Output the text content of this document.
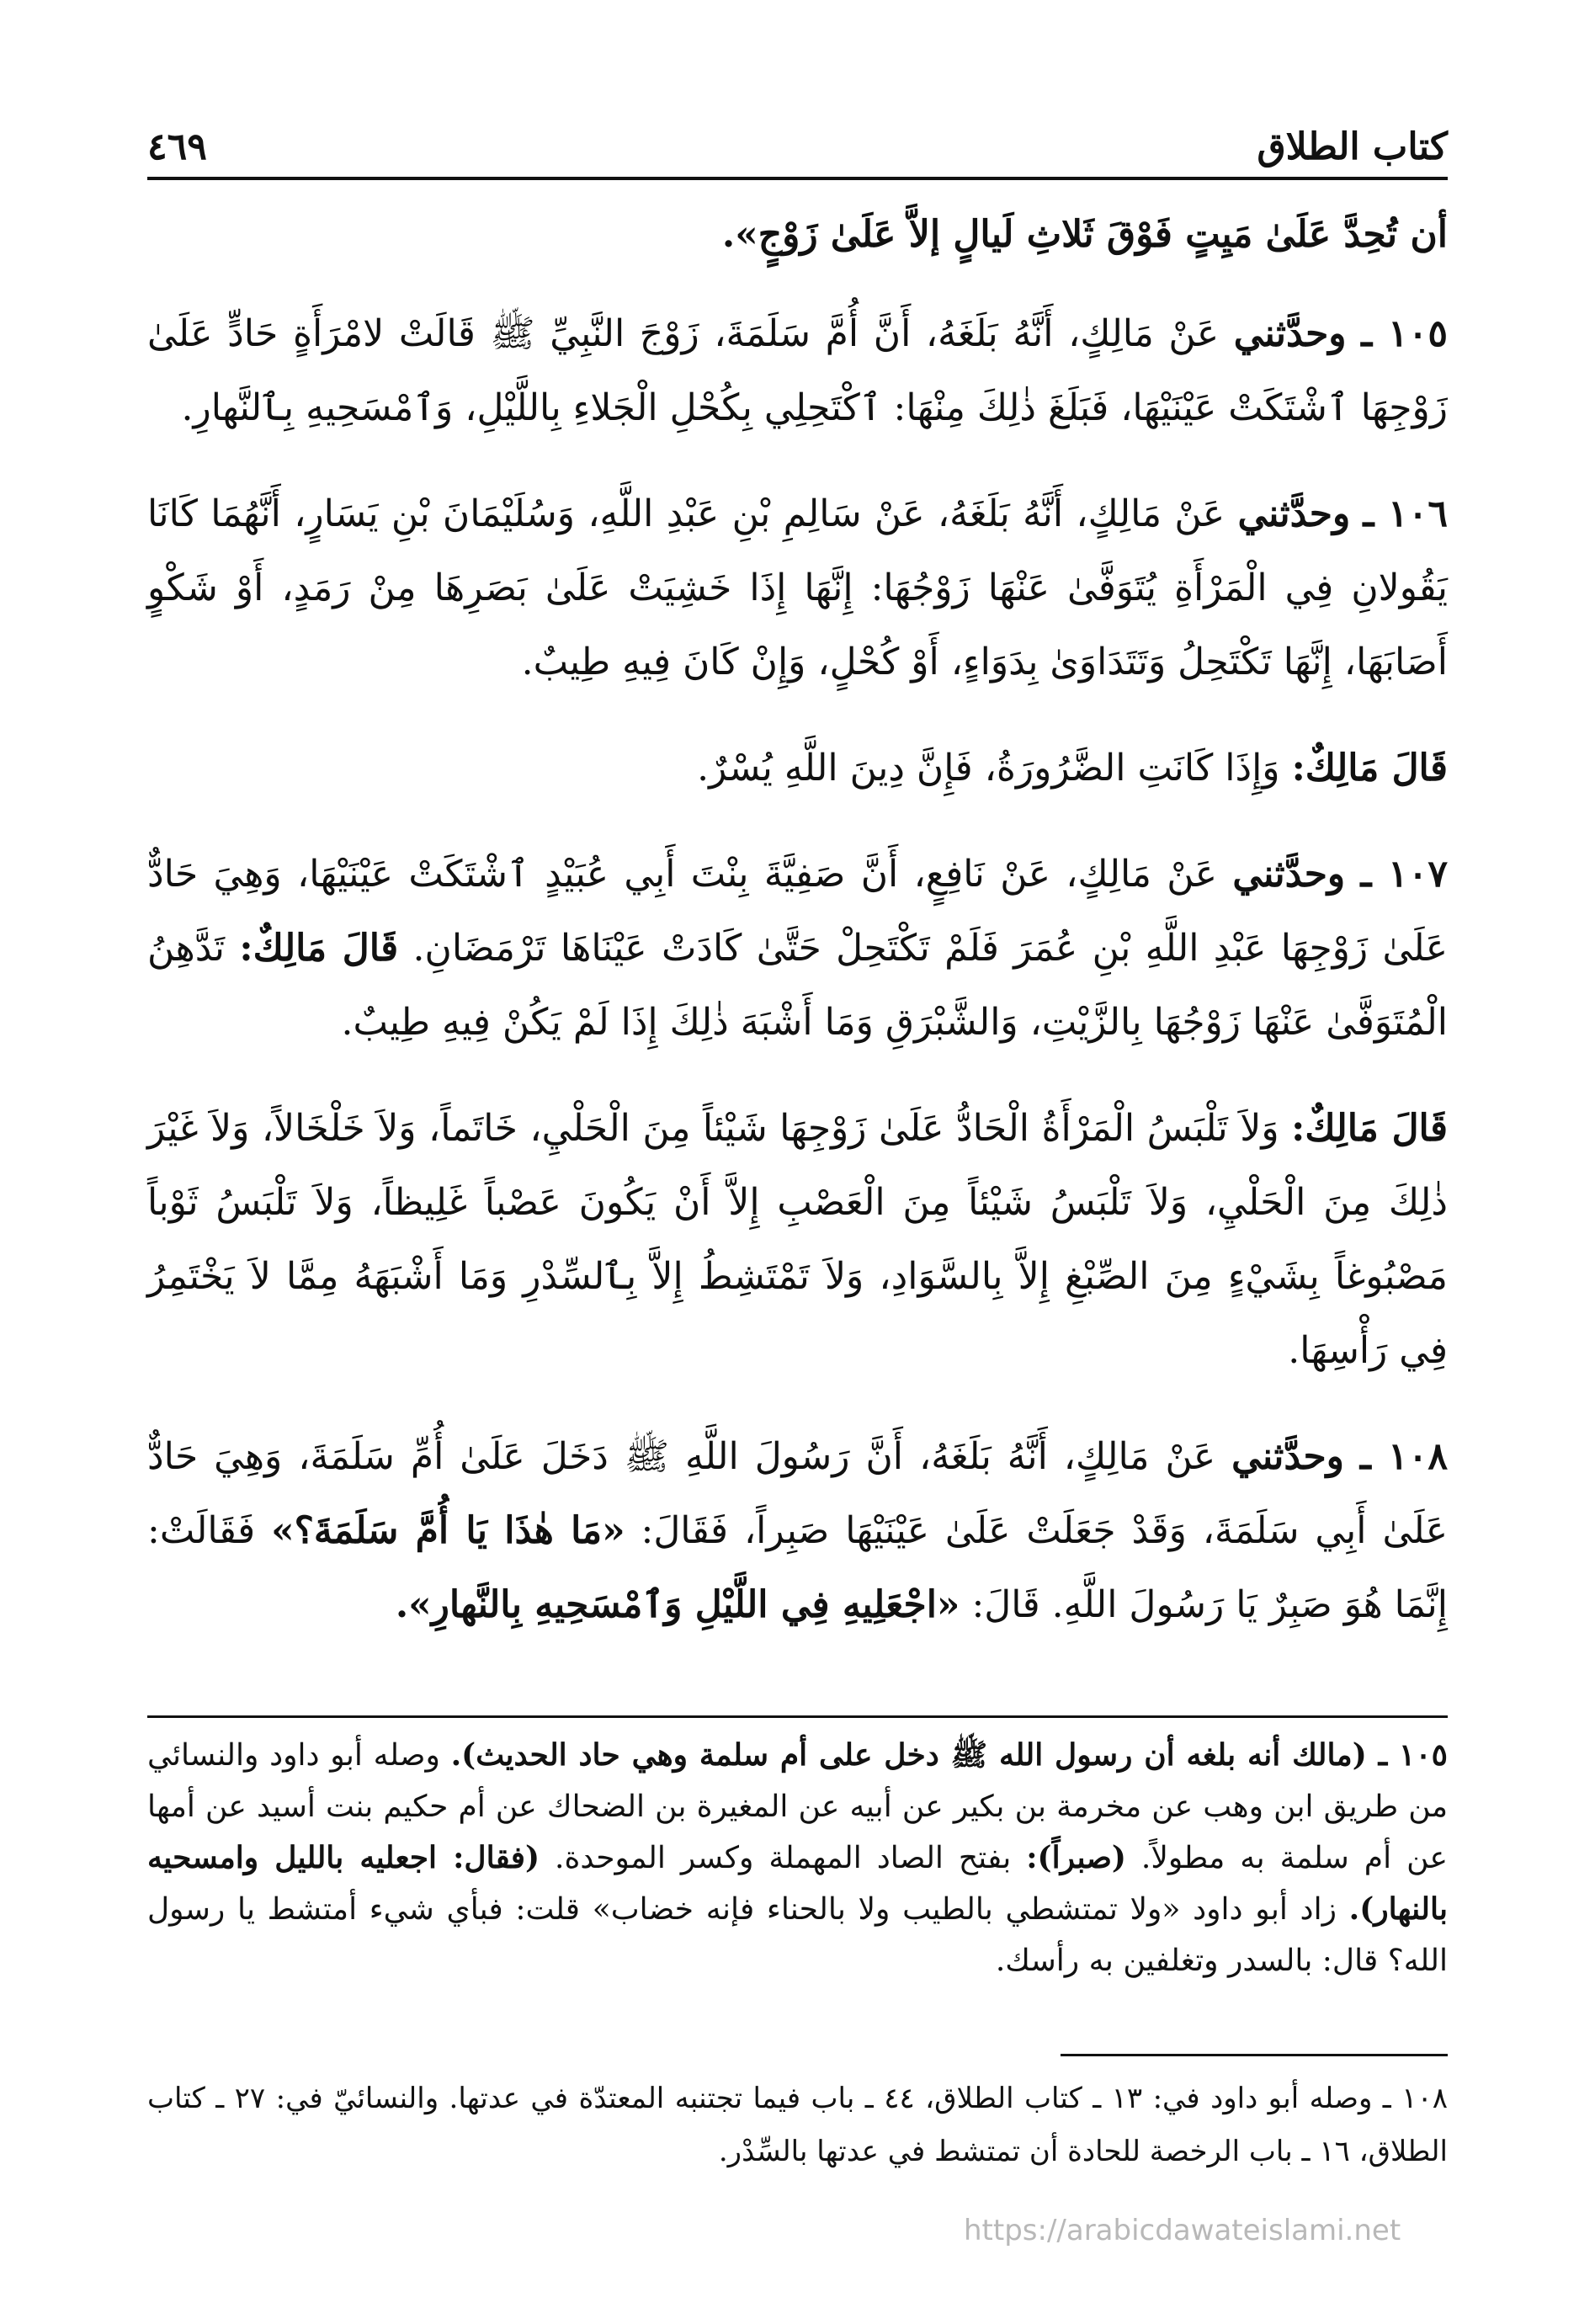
كتاب الطلاق
٤٦٩

أن تُحِدَّ عَلَىٰ مَيِتٍ فَوْقَ ثَلاثِ لَيالٍ إلاَّ عَلَىٰ زَوْجٍ».

١٠٥ ـ وحدَّثني عَنْ مَالِكٍ، أَنَّهُ بَلَغَهُ، أَنَّ أُمَّ سَلَمَةَ، زَوْجَ النَّبِيِّ ﷺ قَالَتْ لامْرَأَةٍ حَادٍّ عَلَىٰ زَوْجِهَا ٱشْتَكَتْ عَيْنَيْهَا، فَبَلَغَ ذٰلِكَ مِنْهَا: ٱكْتَحِلِي بِكُحْلِ الْجَلاءِ بِاللَّيْلِ، وَٱمْسَحِيهِ بِٱلنَّهارِ.

١٠٦ ـ وحدَّثني عَنْ مَالِكٍ، أَنَّهُ بَلَغَهُ، عَنْ سَالِمِ بْنِ عَبْدِ اللَّهِ، وَسُلَيْمَانَ بْنِ يَسَارٍ، أَنَّهُمَا كَانَا يَقُولانِ فِي الْمَرْأَةِ يُتَوَفَّىٰ عَنْهَا زَوْجُهَا: إِنَّهَا إِذَا خَشِيَتْ عَلَىٰ بَصَرِهَا مِنْ رَمَدٍ، أَوْ شَكْوٍ أَصَابَهَا، إِنَّهَا تَكْتَحِلُ وَتَتَدَاوَىٰ بِدَوَاءٍ، أَوْ كُحْلٍ، وَإِنْ كَانَ فِيهِ طِيبٌ.

قَالَ مَالِكٌ: وَإِذَا كَانَتِ الضَّرُورَةُ، فَإِنَّ دِينَ اللَّهِ يُسْرٌ.

١٠٧ ـ وحدَّثني عَنْ مَالِكٍ، عَنْ نَافِعٍ، أَنَّ صَفِيَّةَ بِنْتَ أَبِي عُبَيْدٍ ٱشْتَكَتْ عَيْنَيْهَا، وَهِيَ حَادٌّ عَلَىٰ زَوْجِهَا عَبْدِ اللَّهِ بْنِ عُمَرَ فَلَمْ تَكْتَحِلْ حَتَّىٰ كَادَتْ عَيْنَاهَا تَرْمَضَانِ. قَالَ مَالِكٌ: تَدَّهِنُ الْمُتَوَفَّىٰ عَنْهَا زَوْجُهَا بِالزَّيْتِ، وَالشَّبْرَقِ وَمَا أَشْبَهَ ذٰلِكَ إِذَا لَمْ يَكُنْ فِيهِ طِيبٌ.

قَالَ مَالِكٌ: وَلاَ تَلْبَسُ الْمَرْأَةُ الْحَادُّ عَلَىٰ زَوْجِهَا شَيْئاً مِنَ الْحَلْيِ، خَاتَماً، وَلاَ خَلْخَالاً، وَلاَ غَيْرَ ذٰلِكَ مِنَ الْحَلْيِ، وَلاَ تَلْبَسُ شَيْئاً مِنَ الْعَصْبِ إِلاَّ أَنْ يَكُونَ عَصْباً غَلِيظاً، وَلاَ تَلْبَسُ ثَوْباً مَصْبُوغاً بِشَيْءٍ مِنَ الصِّبْغِ إِلاَّ بِالسَّوَادِ، وَلاَ تَمْتَشِطُ إِلاَّ بِٱلسِّدْرِ وَمَا أَشْبَهَهُ مِمَّا لاَ يَخْتَمِرُ فِي رَأْسِهَا.

١٠٨ ـ وحدَّثني عَنْ مَالِكٍ، أَنَّهُ بَلَغَهُ، أَنَّ رَسُولَ اللَّهِ ﷺ دَخَلَ عَلَىٰ أُمِّ سَلَمَةَ، وَهِيَ حَادٌّ عَلَىٰ أَبِي سَلَمَةَ، وَقَدْ جَعَلَتْ عَلَىٰ عَيْنَيْهَا صَبِراً، فَقَالَ: «مَا هٰذَا يَا أُمَّ سَلَمَةَ؟» فَقَالَتْ: إِنَّمَا هُوَ صَبِرٌ يَا رَسُولَ اللَّهِ. قَالَ: «اجْعَلِيهِ فِي اللَّيْلِ وَٱمْسَحِيهِ بِالنَّهارِ».

١٠٥ ـ (مالك أنه بلغه أن رسول الله ﷺ دخل على أم سلمة وهي حاد الحديث). وصله أبو داود والنسائي من طريق ابن وهب عن مخرمة بن بكير عن أبيه عن المغيرة بن الضحاك عن أم حكيم بنت أسيد عن أمها عن أم سلمة به مطولاً. (صبراً): بفتح الصاد المهملة وكسر الموحدة. (فقال: اجعليه بالليل وامسحيه بالنهار). زاد أبو داود «ولا تمتشطي بالطيب ولا بالحناء فإنه خضاب» قلت: فبأي شيء أمتشط يا رسول الله؟ قال: بالسدر وتغلفين به رأسك.

١٠٨ ـ وصله أبو داود في: ١٣ ـ كتاب الطلاق، ٤٤ ـ باب فيما تجتنبه المعتدّة في عدتها. والنسائيّ في: ٢٧ ـ كتاب الطلاق، ١٦ ـ باب الرخصة للحادة أن تمتشط في عدتها بالسِّدْر.

https://arabicdawateislami.net
